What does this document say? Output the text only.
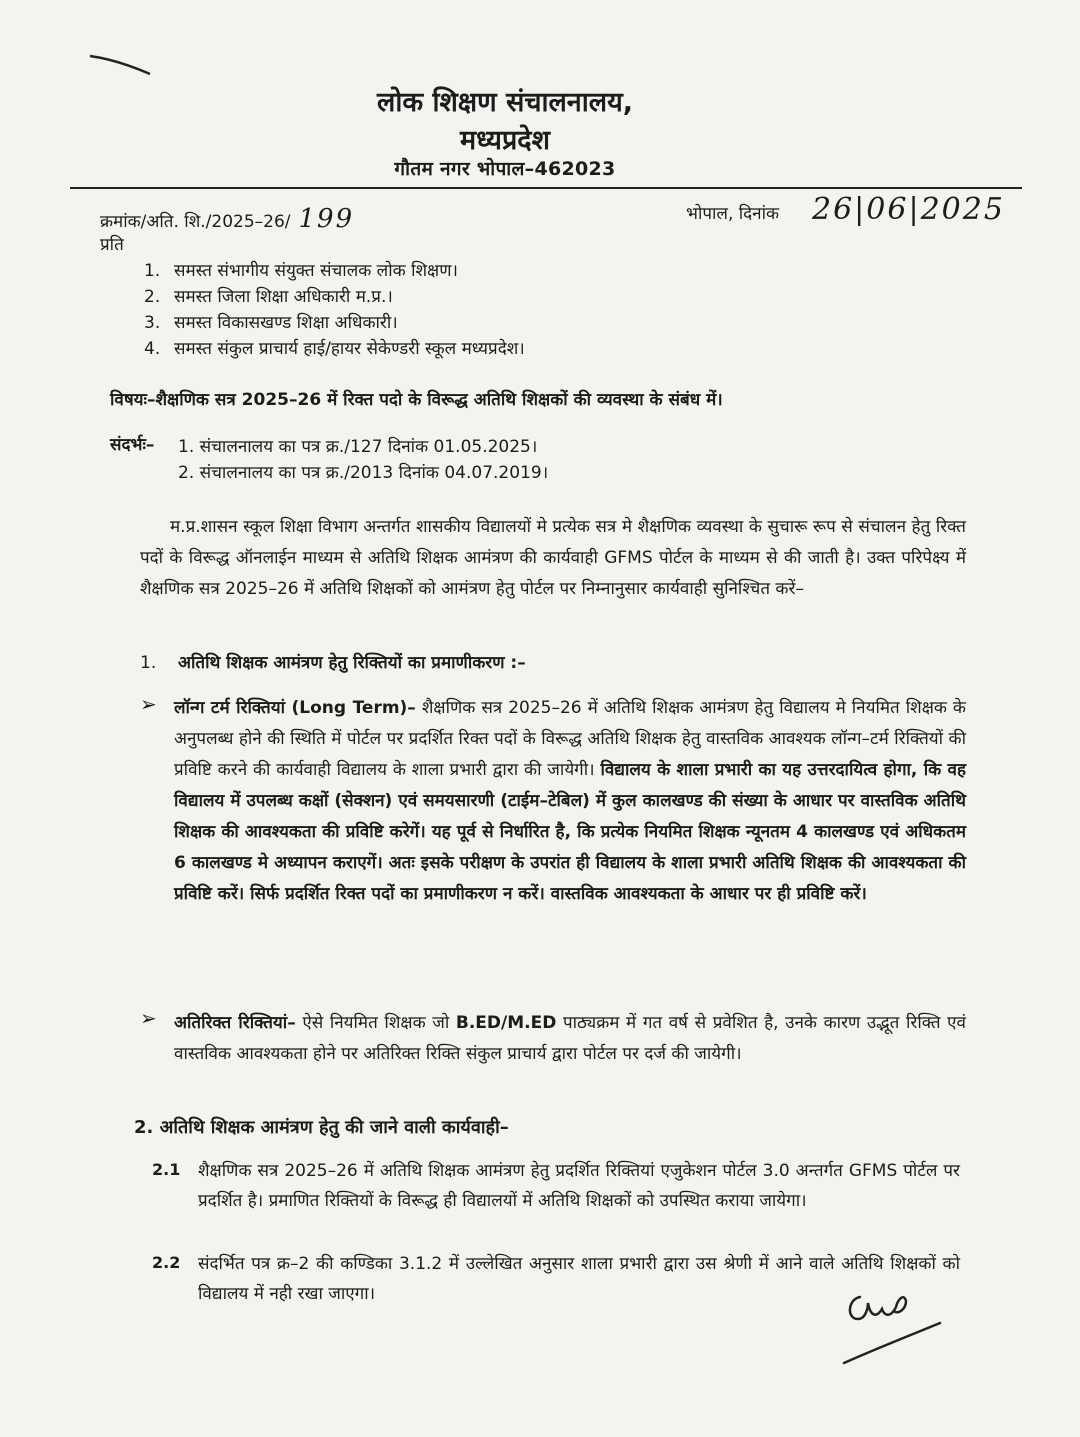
लोक शिक्षण संचालनालय,
मध्यप्रदेश
गौतम नगर भोपाल–462023
क्रमांक/अति. शि./2025–26/ 199	भोपाल, दिनांक 26|06|2025
प्रति
1. समस्त संभागीय संयुक्त संचालक लोक शिक्षण।
2. समस्त जिला शिक्षा अधिकारी म.प्र.।
3. समस्त विकासखण्ड शिक्षा अधिकारी।
4. समस्त संकुल प्राचार्य हाई/हायर सेकेण्डरी स्कूल मध्यप्रदेश।
विषयः–शैक्षणिक सत्र 2025–26 में रिक्त पदो के विरूद्ध अतिथि शिक्षकों की व्यवस्था के संबंध में।
संदर्भः– 1. संचालनालय का पत्र क्र./127 दिनांक 01.05.2025।
2. संचालनालय का पत्र क्र./2013 दिनांक 04.07.2019।
म.प्र.शासन स्कूल शिक्षा विभाग अन्तर्गत शासकीय विद्यालयों मे प्रत्येक सत्र मे शैक्षणिक व्यवस्था के सुचारू रूप से संचालन हेतु रिक्त पदों के विरूद्ध ऑनलाईन माध्यम से अतिथि शिक्षक आमंत्रण की कार्यवाही GFMS पोर्टल के माध्यम से की जाती है। उक्त परिपेक्ष्य में शैक्षणिक सत्र 2025–26 में अतिथि शिक्षकों को आमंत्रण हेतु पोर्टल पर निम्नानुसार कार्यवाही सुनिश्चित करें–
1. अतिथि शिक्षक आमंत्रण हेतु रिक्तियों का प्रमाणीकरण :–
➢ लॉन्ग टर्म रिक्तियां (Long Term)– शैक्षणिक सत्र 2025–26 में अतिथि शिक्षक आमंत्रण हेतु विद्यालय मे नियमित शिक्षक के अनुपलब्ध होने की स्थिति में पोर्टल पर प्रदर्शित रिक्त पदों के विरूद्ध अतिथि शिक्षक हेतु वास्तविक आवश्यक लॉन्ग–टर्म रिक्तियों की प्रविष्टि करने की कार्यवाही विद्यालय के शाला प्रभारी द्वारा की जायेगी। विद्यालय के शाला प्रभारी का यह उत्तरदायित्व होगा, कि वह विद्यालय में उपलब्ध कक्षों (सेक्शन) एवं समयसारणी (टाईम–टेबिल) में कुल कालखण्ड की संख्या के आधार पर वास्तविक अतिथि शिक्षक की आवश्यकता की प्रविष्टि करेगें। यह पूर्व से निर्धारित है, कि प्रत्येक नियमित शिक्षक न्यूनतम 4 कालखण्ड एवं अधिकतम 6 कालखण्ड मे अध्यापन कराएगें। अतः इसके परीक्षण के उपरांत ही विद्यालय के शाला प्रभारी अतिथि शिक्षक की आवश्यकता की प्रविष्टि करें। सिर्फ प्रदर्शित रिक्त पदों का प्रमाणीकरण न करें। वास्तविक आवश्यकता के आधार पर ही प्रविष्टि करें।
➢ अतिरिक्त रिक्तियां– ऐसे नियमित शिक्षक जो B.ED/M.ED पाठ्यक्रम में गत वर्ष से प्रवेशित है, उनके कारण उद्भूत रिक्ति एवं वास्तविक आवश्यकता होने पर अतिरिक्त रिक्ति संकुल प्राचार्य द्वारा पोर्टल पर दर्ज की जायेगी।
2. अतिथि शिक्षक आमंत्रण हेतु की जाने वाली कार्यवाही–
2.1 शैक्षणिक सत्र 2025–26 में अतिथि शिक्षक आमंत्रण हेतु प्रदर्शित रिक्तियां एजुकेशन पोर्टल 3.0 अन्तर्गत GFMS पोर्टल पर प्रदर्शित है। प्रमाणित रिक्तियों के विरूद्ध ही विद्यालयों में अतिथि शिक्षकों को उपस्थित कराया जायेगा।
2.2 संदर्भित पत्र क्र–2 की कण्डिका 3.1.2 में उल्लेखित अनुसार शाला प्रभारी द्वारा उस श्रेणी में आने वाले अतिथि शिक्षकों को विद्यालय में नही रखा जाएगा।
